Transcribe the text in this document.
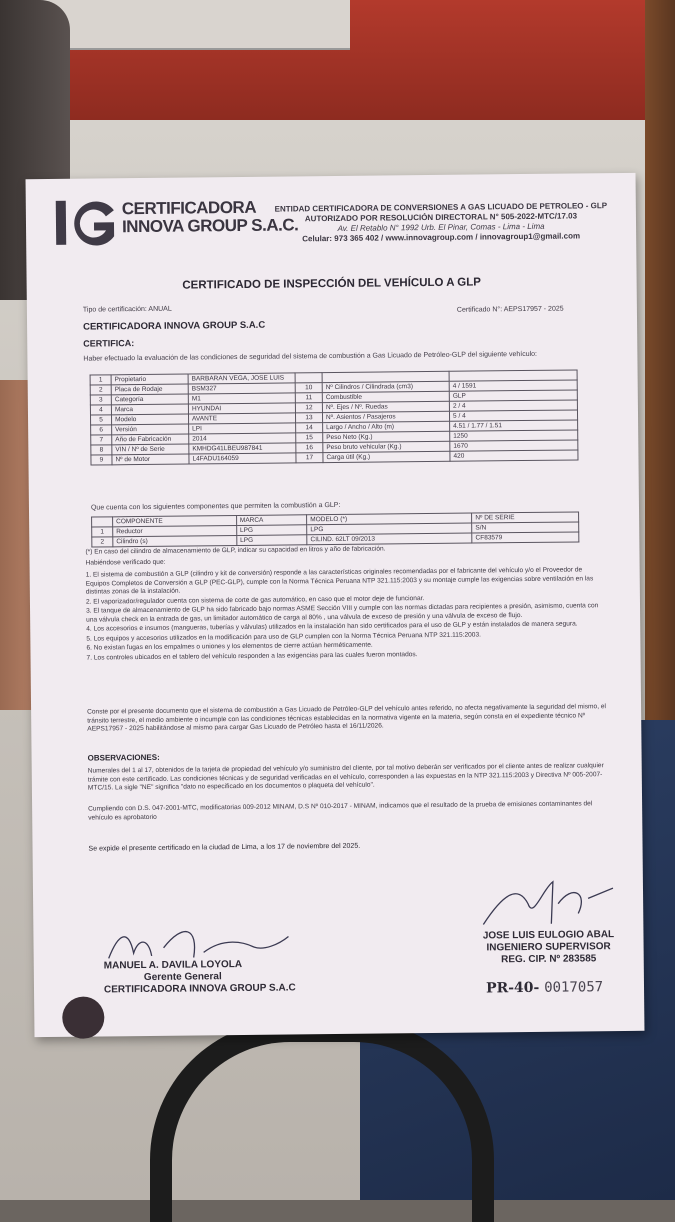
CERTIFICADORA
INNOVA GROUP S.A.C.
ENTIDAD CERTIFICADORA DE CONVERSIONES A GAS LICUADO DE PETROLEO - GLP
AUTORIZADO POR RESOLUCIÓN DIRECTORAL N° 505-2022-MTC/17.03
Av. El Retablo N° 1992 Urb. El Pinar, Comas - Lima - Lima
Celular: 973 365 402 / www.innovagroup.com / innovagroup1@gmail.com
CERTIFICADO DE INSPECCIÓN DEL VEHÍCULO A GLP
Tipo de certificación: ANUAL	Certificado N°: AEPS17957 - 2025
CERTIFICADORA INNOVA GROUP S.A.C
CERTIFICA:
Haber efectuado la evaluación de las condiciones de seguridad del sistema de combustión a Gas Licuado de Petróleo-GLP del siguiente vehículo:
1	Propietario	BARBARAN VEGA, JOSE LUIS			
2	Placa de Rodaje	BSM327	10	Nº Cilindros / Cilindrada (cm3)	4 / 1591
3	Categoría	M1	11	Combustible	GLP
4	Marca	HYUNDAI	12	Nº. Ejes / Nº. Ruedas	2 / 4
5	Modelo	AVANTE	13	Nº. Asientos / Pasajeros	5 / 4
6	Versión	LPI	14	Largo / Ancho / Alto (m)	4.51 / 1.77 / 1.51
7	Año de Fabricación	2014	15	Peso Neto (Kg.)	1250
8	VIN / Nº de Serie	KMHDG41LBEU987841	16	Peso bruto vehicular (Kg.)	1670
9	Nº de Motor	L4FADU164059	17	Carga útil (Kg.)	420
Que cuenta con los siguientes componentes que permiten la combustión a GLP:
	COMPONENTE	MARCA	MODELO (*)	Nº DE SERIE
1	Reductor	LPG	LPG	S/N
2	Cilindro (s)	LPG	CILIND. 62LT 09/2013	CF83579
(*) En caso del cilindro de almacenamiento de GLP, indicar su capacidad en litros y año de fabricación.
Habiéndose verificado que:
1. El sistema de combustión a GLP (cilindro y kit de conversión) responde a las características originales recomendadas por el fabricante del vehículo y/o el Proveedor de Equipos Completos de Conversión a GLP (PEC-GLP), cumple con la Norma Técnica Peruana NTP 321.115:2003 y su montaje cumple las exigencias sobre ventilación en las distintas zonas de la instalación.
2. El vaporizador/regulador cuenta con sistema de corte de gas automático, en caso que el motor deje de funcionar.
3. El tanque de almacenamiento de GLP ha sido fabricado bajo normas ASME Sección VIII y cumple con las normas dictadas para recipientes a presión, asimismo, cuenta con una válvula check en la entrada de gas, un limitador automático de carga al 80% , una válvula de exceso de presión y una válvula de exceso de flujo.
4. Los accesorios e insumos (mangueras, tuberías y válvulas) utilizados en la instalación han sido certificados para el uso de GLP y están instalados de manera segura.
5. Los equipos y accesorios utilizados en la modificación para uso de GLP cumplen con la Norma Técnica Peruana NTP 321.115:2003.
6. No existan fugas en los empalmes o uniones y los elementos de cierre actúan herméticamente.
7. Los controles ubicados en el tablero del vehículo responden a las exigencias para las cuales fueron montados.
Conste por el presente documento que el sistema de combustión a Gas Licuado de Petróleo-GLP del vehículo antes referido, no afecta negativamente la seguridad del mismo, el tránsito terrestre, el medio ambiente o incumple con las condiciones técnicas establecidas en la normativa vigente en la materia, según consta en el expediente técnico Nº AEPS17957 - 2025 habilitándose al mismo para cargar Gas Licuado de Petróleo hasta el 16/11/2026.
OBSERVACIONES:
Numerales del 1 al 17, obtenidos de la tarjeta de propiedad del vehículo y/o suministro del cliente, por tal motivo deberán ser verificados por el cliente antes de realizar cualquier trámite con este certificado. Las condiciones técnicas y de seguridad verificadas en el vehículo, corresponden a las expuestas en la NTP 321.115:2003 y Directiva Nº 005-2007-MTC/15. La sigle "NE" significa "dato no especificado en los documentos o plaqueta del vehículo".
Cumpliendo con D.S. 047-2001-MTC, modificatorias 009-2012 MINAM, D.S Nº 010-2017 - MINAM, indicamos que el resultado de la prueba de emisiones contaminantes del vehículo es aprobatorio
Se expide el presente certificado en la ciudad de Lima, a los 17 de noviembre del 2025.
JOSE LUIS EULOGIO ABAL
INGENIERO SUPERVISOR
REG. CIP. Nº 283585
MANUEL A. DAVILA LOYOLA
Gerente General
CERTIFICADORA INNOVA GROUP S.A.C	PR-40- 0017057
